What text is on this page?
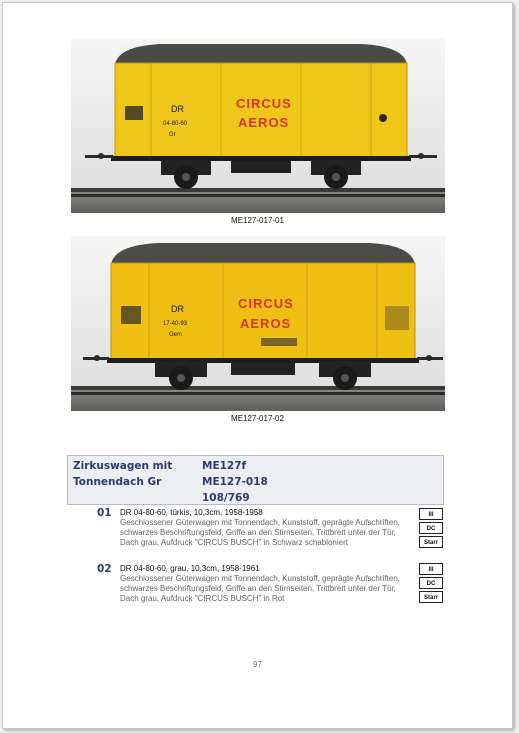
DR
04-80-60
Gr
CIRCUS
AEROS
ME127-017-01
DR
17-40-93
Gem
CIRCUS
AEROS
ME127-017-02
Zirkuswagen mit
Tonnendach Gr
ME127f
ME127-018
108/769
01 DR 04-80-60, türkis, 10,3cm, 1958-1958
Geschlossener Güterwagen mit Tonnendach, Kunststoff, geprägte Aufschriften, schwarzes Beschriftungsfeld, Griffe an den Stirnseiten, Trittbrett unter der Tür, Dach grau, Aufdruck "CIRCUS BUSCH" in Schwarz schabloniert
III
DC
Starr
02 DR 04-80-60, grau, 10,3cm, 1958-1961
Geschlossener Güterwagen mit Tonnendach, Kunststoff, geprägte Aufschriften, schwarzes Beschriftungsfeld, Griffe an den Stirnseiten, Trittbrett unter der Tür, Dach grau, Aufdruck "CIRCUS BUSCH" in Rot
III
DC
Starr
97
